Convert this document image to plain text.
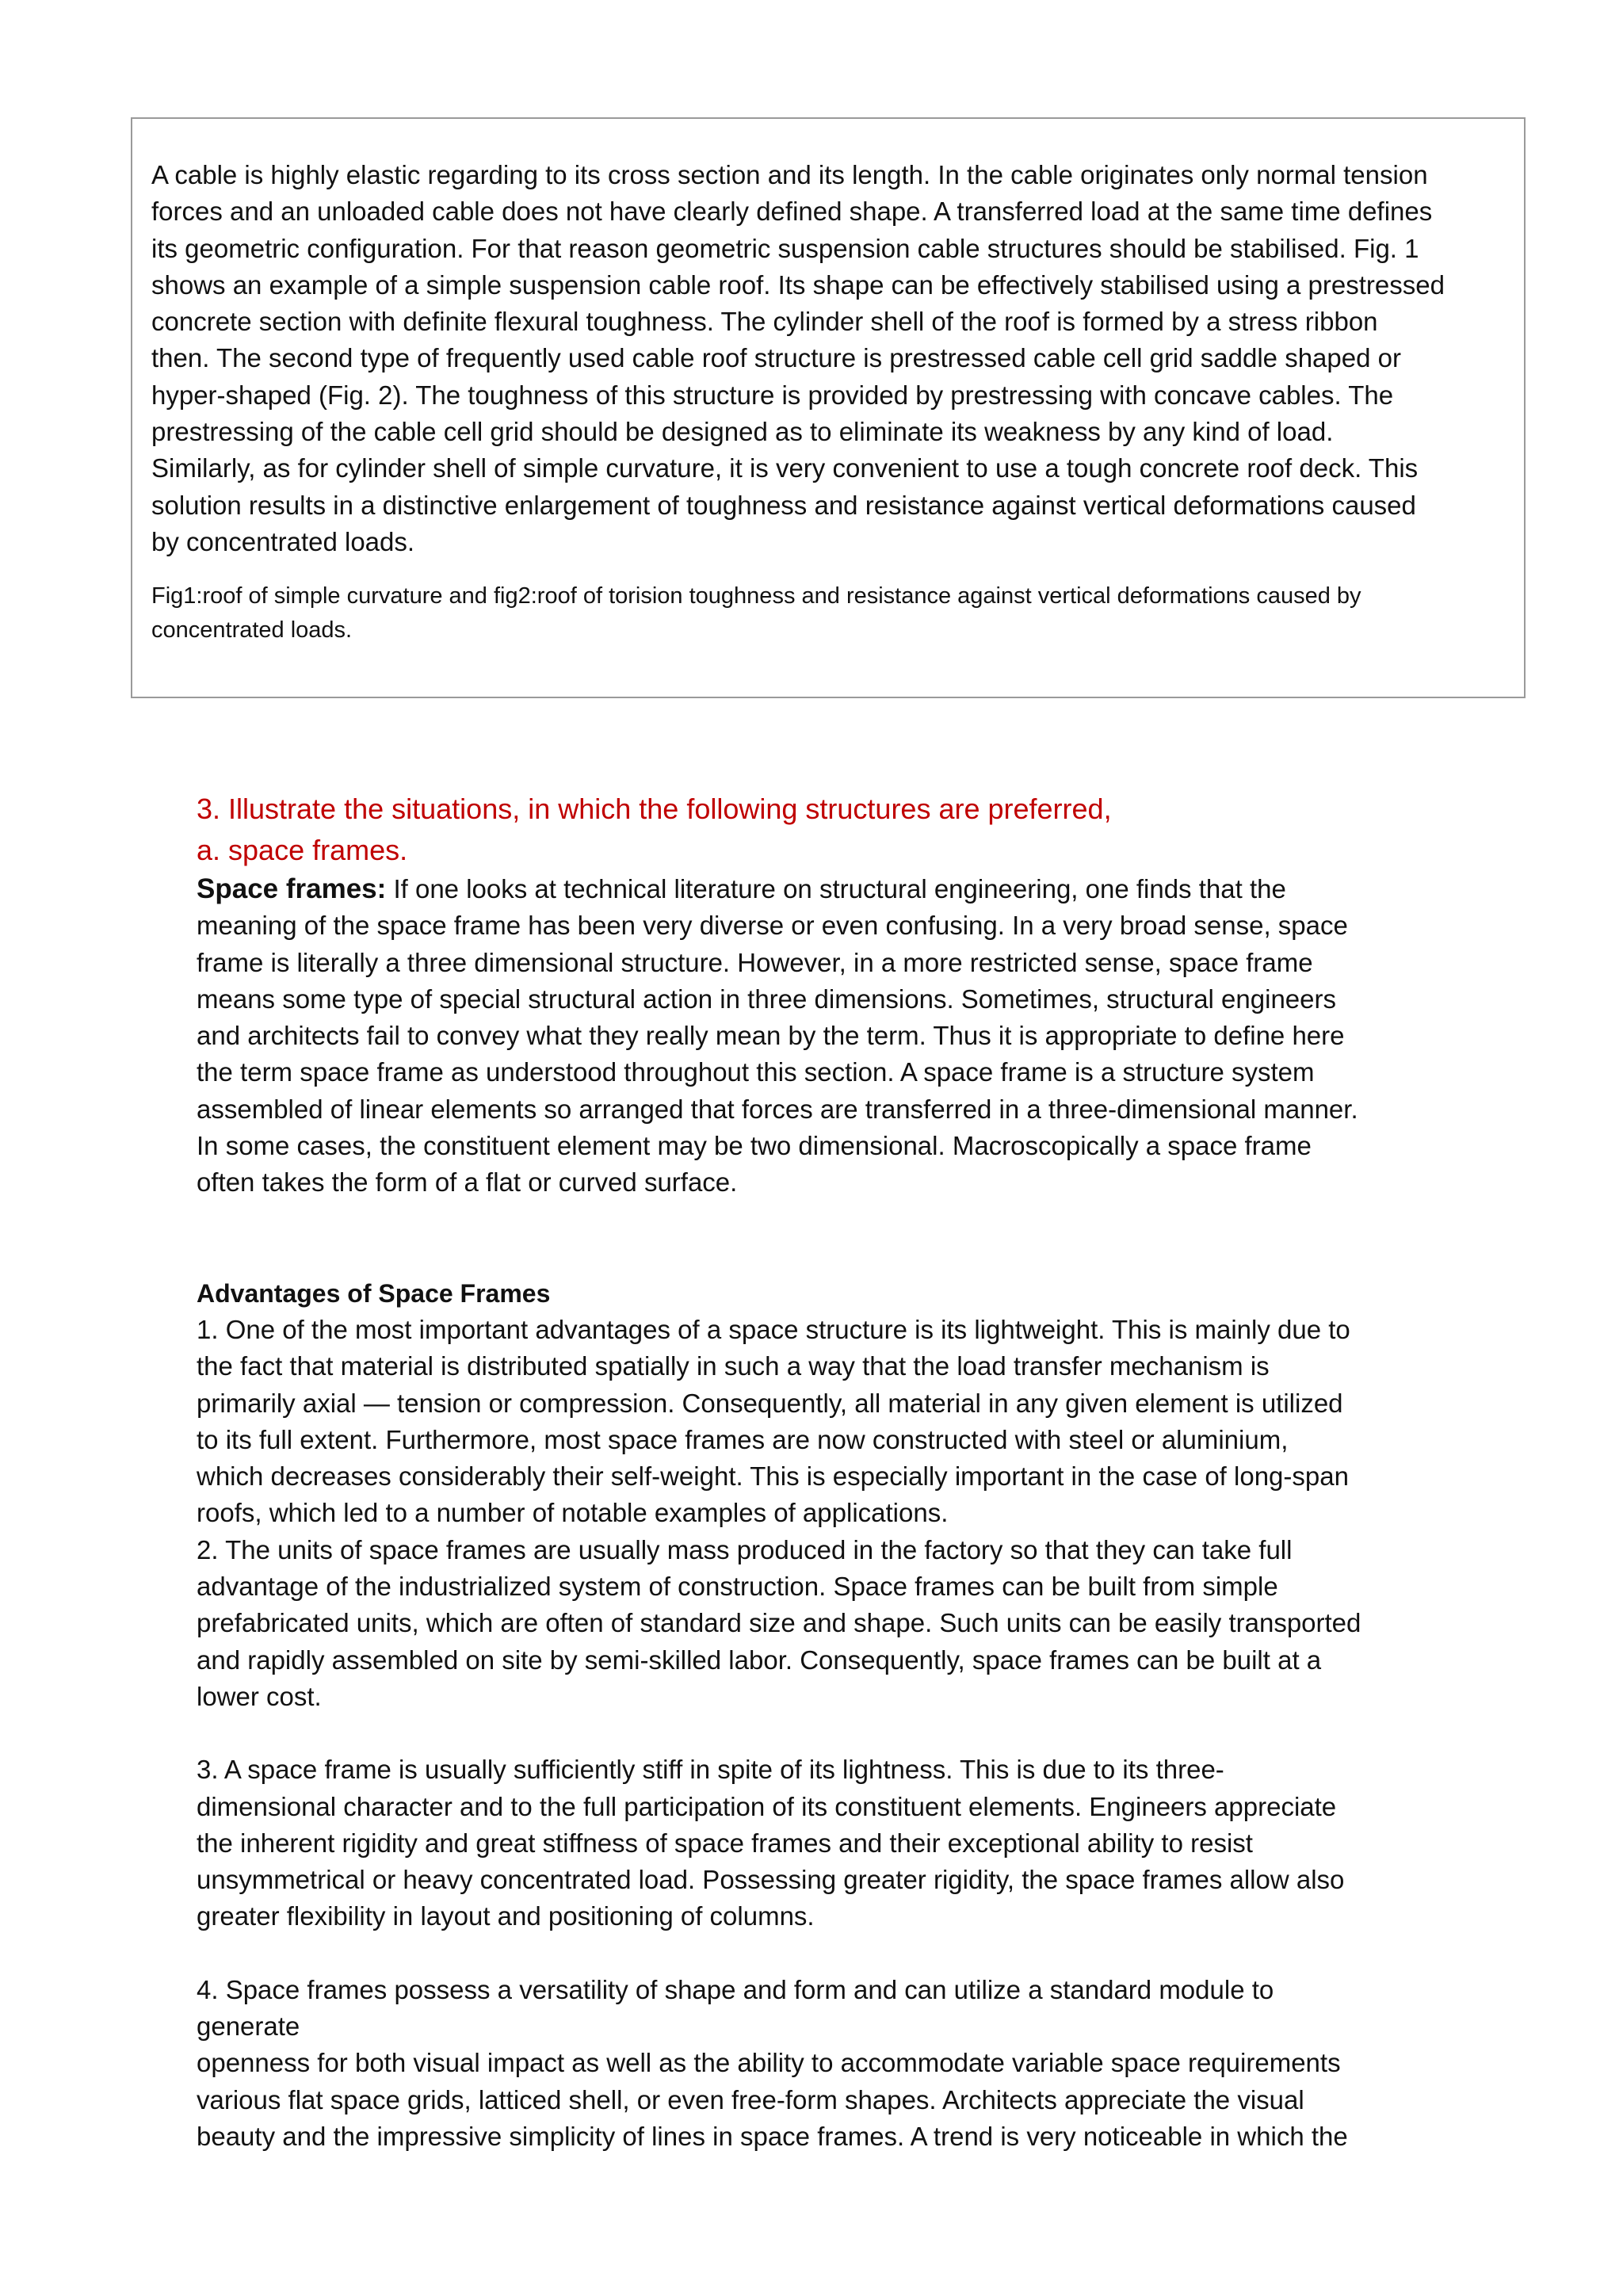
A cable is highly elastic regarding to its cross section and its length. In the cable originates only normal tension
forces and an unloaded cable does not have clearly defined shape. A transferred load at the same time defines
its geometric configuration. For that reason geometric suspension cable structures should be stabilised. Fig. 1
shows an example of a simple suspension cable roof. Its shape can be effectively stabilised using a prestressed
concrete section with definite flexural toughness. The cylinder shell of the roof is formed by a stress ribbon
then. The second type of frequently used cable roof structure is prestressed cable cell grid saddle shaped or
hyper-shaped (Fig. 2). The toughness of this structure is provided by prestressing with concave cables. The
prestressing of the cable cell grid should be designed as to eliminate its weakness by any kind of load.
Similarly, as for cylinder shell of simple curvature, it is very convenient to use a tough concrete roof deck. This
solution results in a distinctive enlargement of toughness and resistance against vertical deformations caused
by concentrated loads.

Fig1:roof of simple curvature and fig2:roof of torision toughness and resistance against vertical deformations caused by
concentrated loads.

3. Illustrate the situations, in which the following structures are preferred,

a. space frames.

Space frames: If one looks at technical literature on structural engineering, one finds that the
meaning of the space frame has been very diverse or even confusing. In a very broad sense, space
frame is literally a three dimensional structure. However, in a more restricted sense, space frame
means some type of special structural action in three dimensions. Sometimes, structural engineers
and architects fail to convey what they really mean by the term. Thus it is appropriate to define here
the term space frame as understood throughout this section. A space frame is a structure system
assembled of linear elements so arranged that forces are transferred in a three-dimensional manner.
In some cases, the constituent element may be two dimensional. Macroscopically a space frame
often takes the form of a flat or curved surface.

Advantages of Space Frames

1. One of the most important advantages of a space structure is its lightweight. This is mainly due to
the fact that material is distributed spatially in such a way that the load transfer mechanism is
primarily axial — tension or compression. Consequently, all material in any given element is utilized
to its full extent. Furthermore, most space frames are now constructed with steel or aluminium,
which decreases considerably their self-weight. This is especially important in the case of long-span
roofs, which led to a number of notable examples of applications.

2. The units of space frames are usually mass produced in the factory so that they can take full
advantage of the industrialized system of construction. Space frames can be built from simple
prefabricated units, which are often of standard size and shape. Such units can be easily transported
and rapidly assembled on site by semi-skilled labor. Consequently, space frames can be built at a
lower cost.

3. A space frame is usually sufficiently stiff in spite of its lightness. This is due to its three-
dimensional character and to the full participation of its constituent elements. Engineers appreciate
the inherent rigidity and great stiffness of space frames and their exceptional ability to resist
unsymmetrical or heavy concentrated load. Possessing greater rigidity, the space frames allow also
greater flexibility in layout and positioning of columns.

4. Space frames possess a versatility of shape and form and can utilize a standard module to
generate
openness for both visual impact as well as the ability to accommodate variable space requirements
various flat space grids, latticed shell, or even free-form shapes. Architects appreciate the visual
beauty and the impressive simplicity of lines in space frames. A trend is very noticeable in which the
